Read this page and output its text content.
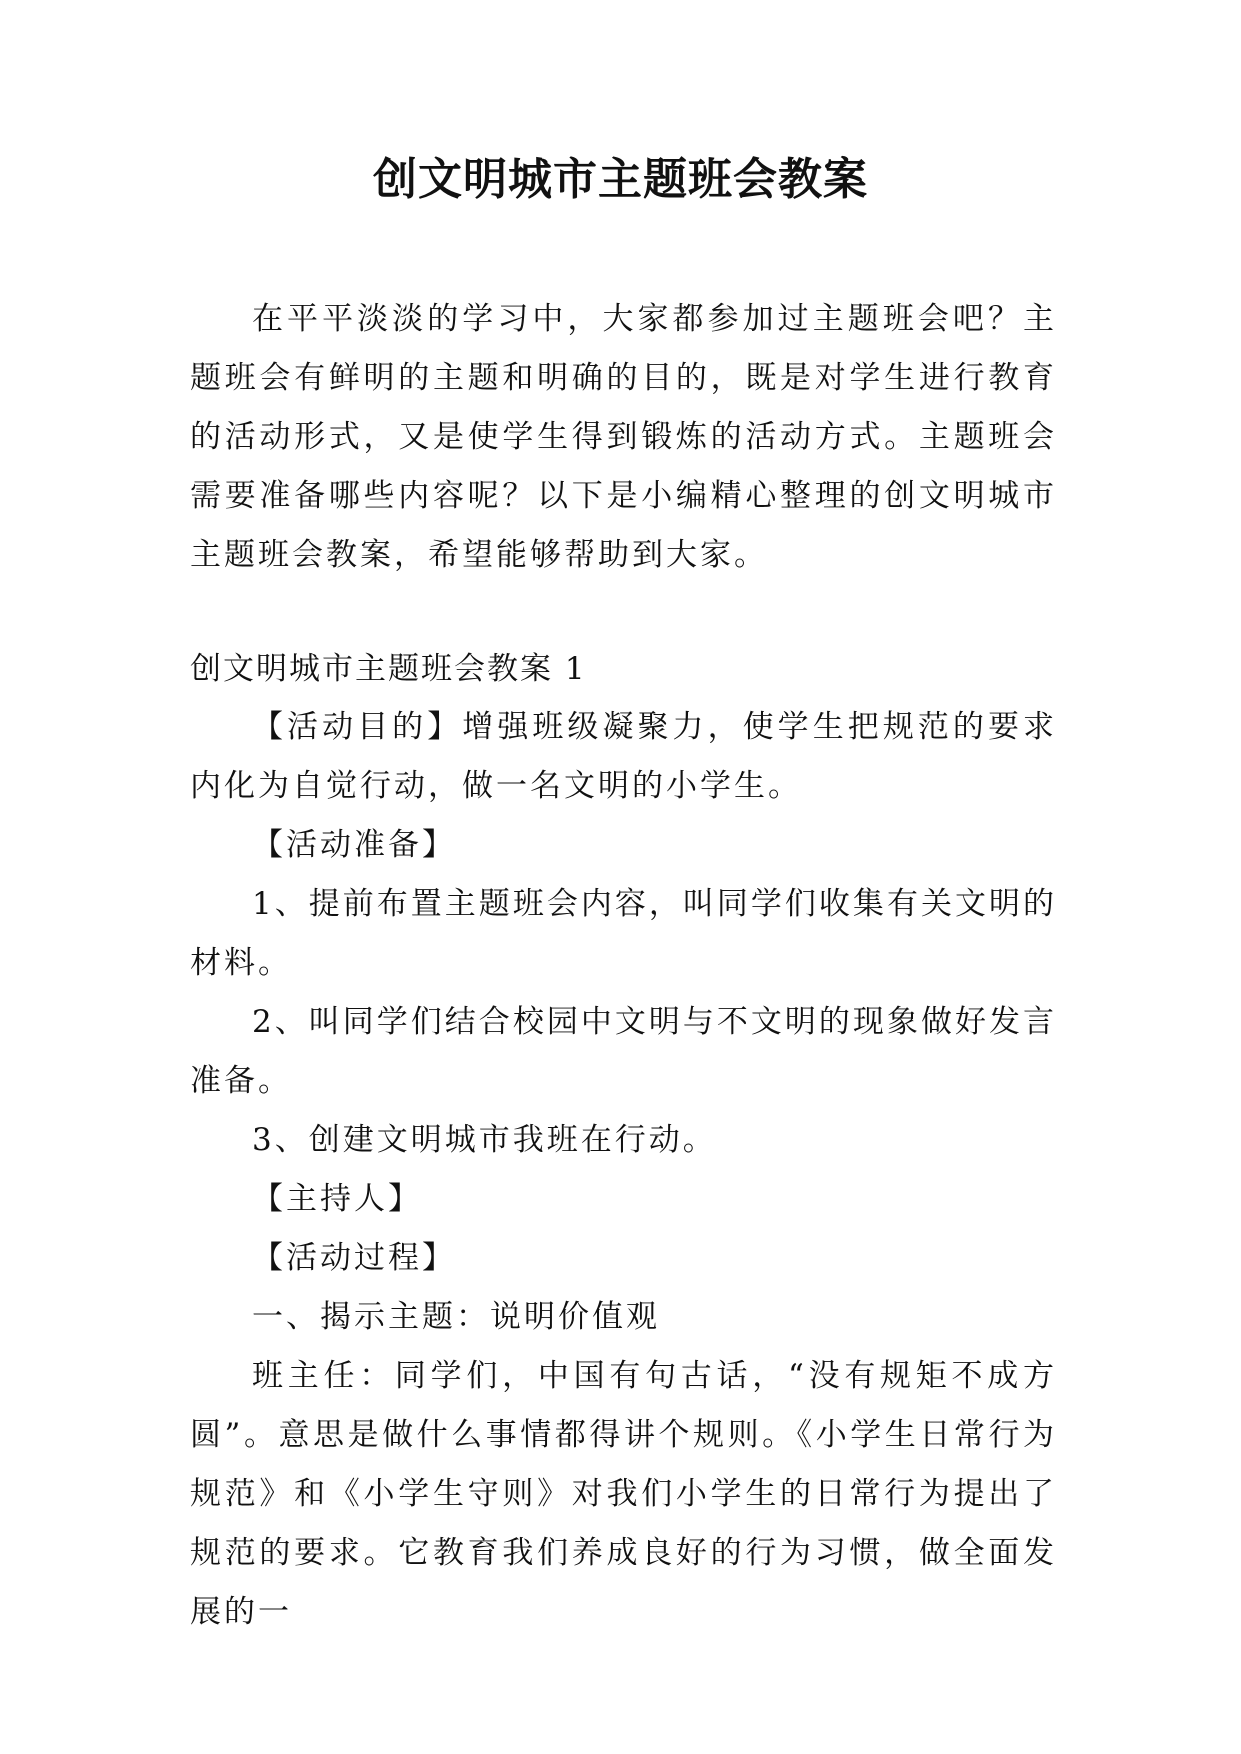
创文明城市主题班会教案

在平平淡淡的学习中，大家都参加过主题班会吧？主题班会有鲜明的主题和明确的目的，既是对学生进行教育的活动形式，又是使学生得到锻炼的活动方式。主题班会需要准备哪些内容呢？以下是小编精心整理的创文明城市主题班会教案，希望能够帮助到大家。

创文明城市主题班会教案 1

【活动目的】增强班级凝聚力，使学生把规范的要求内化为自觉行动，做一名文明的小学生。

【活动准备】

1、提前布置主题班会内容，叫同学们收集有关文明的材料。

2、叫同学们结合校园中文明与不文明的现象做好发言准备。

3、创建文明城市我班在行动。

【主持人】

【活动过程】

一、揭示主题：说明价值观

班主任：同学们，中国有句古话，“没有规矩不成方圆”。意思是做什么事情都得讲个规则。《小学生日常行为规范》和《小学生守则》对我们小学生的日常行为提出了规范的要求。它教育我们养成良好的行为习惯，做全面发展的一
